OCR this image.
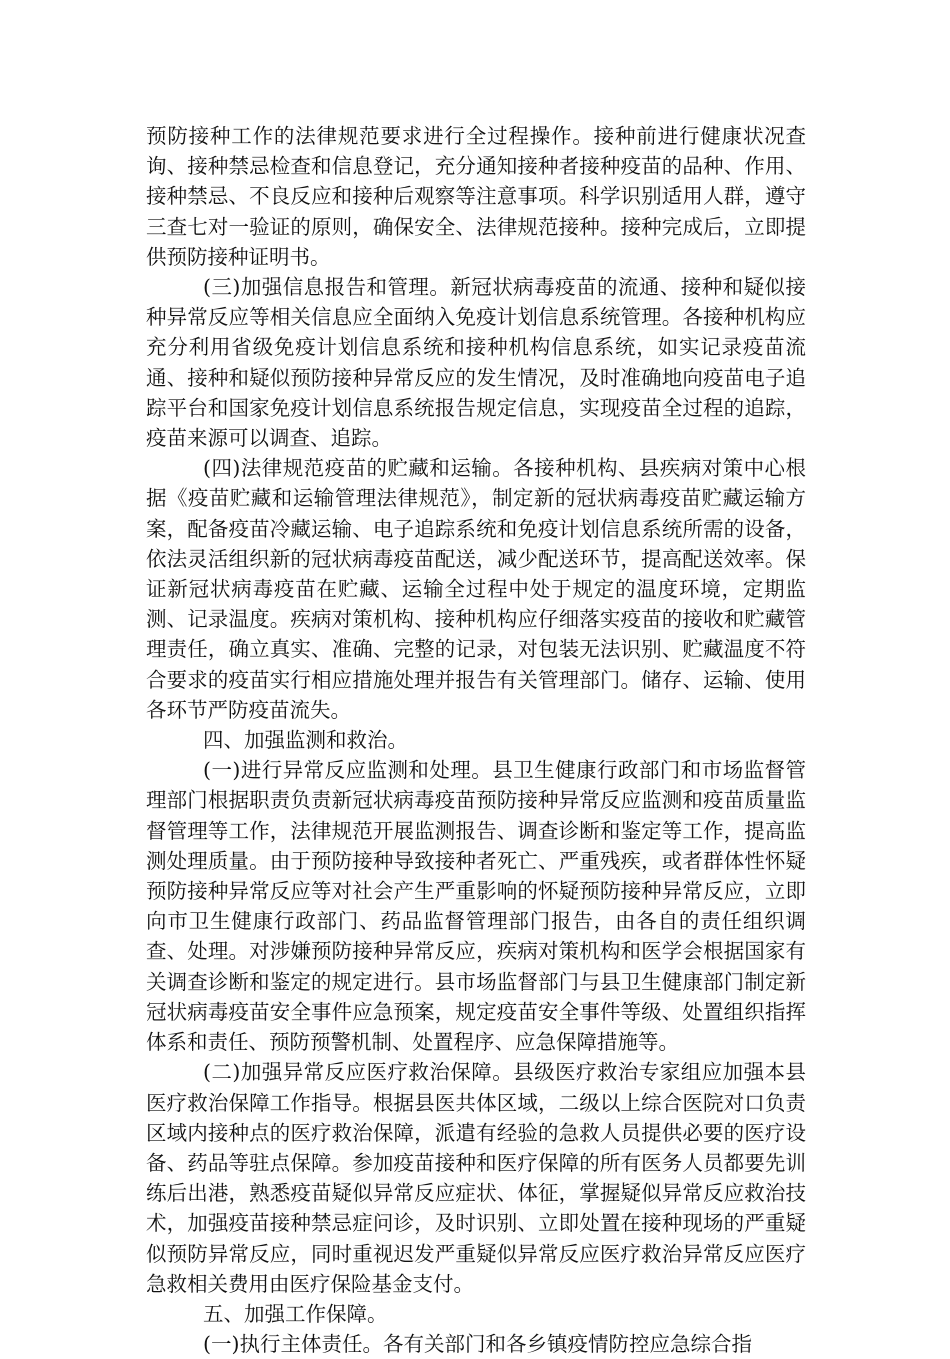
预防接种工作的法律规范要求进行全过程操作。接种前进行健康状况查询、接种禁忌检查和信息登记，充分通知接种者接种疫苗的品种、作用、接种禁忌、不良反应和接种后观察等注意事项。科学识别适用人群，遵守三查七对一验证的原则，确保安全、法律规范接种。接种完成后，立即提供预防接种证明书。

(三)加强信息报告和管理。新冠状病毒疫苗的流通、接种和疑似接种异常反应等相关信息应全面纳入免疫计划信息系统管理。各接种机构应充分利用省级免疫计划信息系统和接种机构信息系统，如实记录疫苗流通、接种和疑似预防接种异常反应的发生情况，及时准确地向疫苗电子追踪平台和国家免疫计划信息系统报告规定信息，实现疫苗全过程的追踪，疫苗来源可以调查、追踪。

(四)法律规范疫苗的贮藏和运输。各接种机构、县疾病对策中心根据《疫苗贮藏和运输管理法律规范》，制定新的冠状病毒疫苗贮藏运输方案，配备疫苗冷藏运输、电子追踪系统和免疫计划信息系统所需的设备，依法灵活组织新的冠状病毒疫苗配送，减少配送环节，提高配送效率。保证新冠状病毒疫苗在贮藏、运输全过程中处于规定的温度环境，定期监测、记录温度。疾病对策机构、接种机构应仔细落实疫苗的接收和贮藏管理责任，确立真实、准确、完整的记录，对包装无法识别、贮藏温度不符合要求的疫苗实行相应措施处理并报告有关管理部门。储存、运输、使用各环节严防疫苗流失。

四、加强监测和救治。

(一)进行异常反应监测和处理。县卫生健康行政部门和市场监督管理部门根据职责负责新冠状病毒疫苗预防接种异常反应监测和疫苗质量监督管理等工作，法律规范开展监测报告、调查诊断和鉴定等工作，提高监测处理质量。由于预防接种导致接种者死亡、严重残疾，或者群体性怀疑预防接种异常反应等对社会产生严重影响的怀疑预防接种异常反应，立即向市卫生健康行政部门、药品监督管理部门报告，由各自的责任组织调查、处理。对涉嫌预防接种异常反应，疾病对策机构和医学会根据国家有关调查诊断和鉴定的规定进行。县市场监督部门与县卫生健康部门制定新冠状病毒疫苗安全事件应急预案，规定疫苗安全事件等级、处置组织指挥体系和责任、预防预警机制、处置程序、应急保障措施等。

(二)加强异常反应医疗救治保障。县级医疗救治专家组应加强本县医疗救治保障工作指导。根据县医共体区域，二级以上综合医院对口负责区域内接种点的医疗救治保障，派遣有经验的急救人员提供必要的医疗设备、药品等驻点保障。参加疫苗接种和医疗保障的所有医务人员都要先训练后出港，熟悉疫苗疑似异常反应症状、体征，掌握疑似异常反应救治技术，加强疫苗接种禁忌症问诊，及时识别、立即处置在接种现场的严重疑似预防异常反应，同时重视迟发严重疑似异常反应医疗救治异常反应医疗急救相关费用由医疗保险基金支付。

五、加强工作保障。

(一)执行主体责任。各有关部门和各乡镇疫情防控应急综合指
